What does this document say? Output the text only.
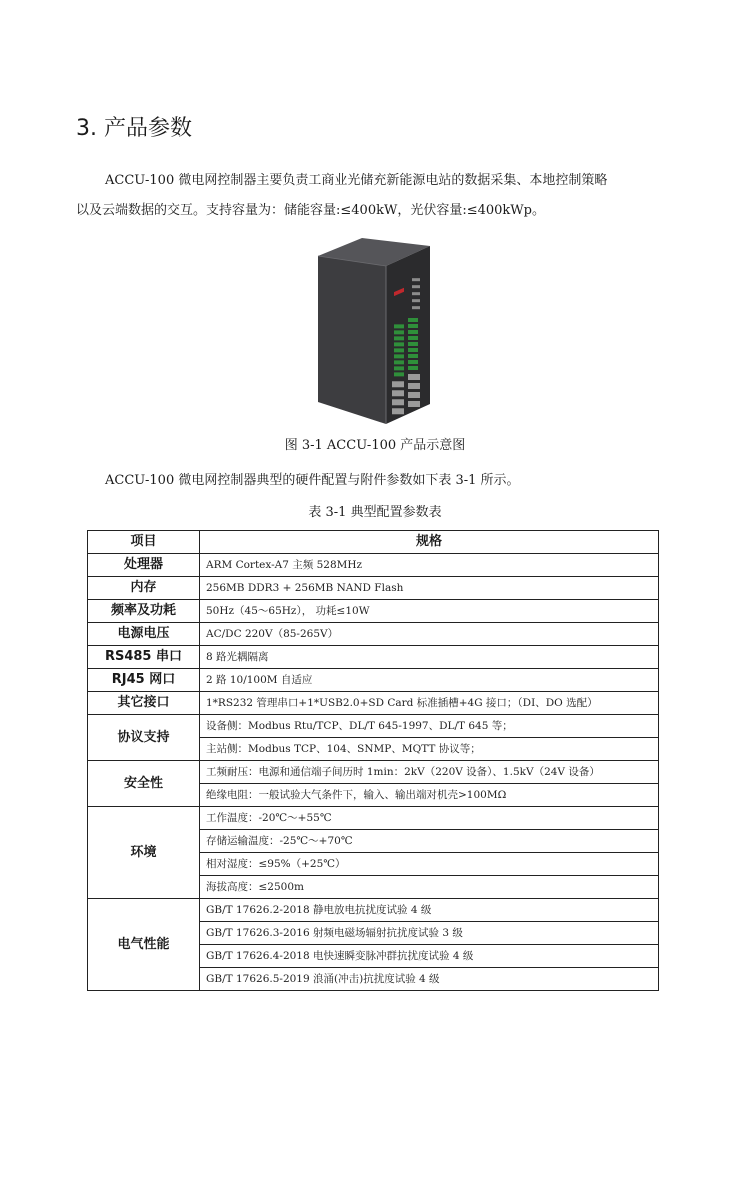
3. 产品参数
ACCU-100 微电网控制器主要负责工商业光储充新能源电站的数据采集、本地控制策略
以及云端数据的交互。支持容量为：储能容量:≤400kW，光伏容量:≤400kWp。
图 3-1 ACCU-100 产品示意图
ACCU-100 微电网控制器典型的硬件配置与附件参数如下表 3-1 所示。
表 3-1 典型配置参数表
项目	规格
处理器	ARM Cortex-A7 主频 528MHz
内存	256MB DDR3 + 256MB NAND Flash
频率及功耗	50Hz（45～65Hz）， 功耗≤10W
电源电压	AC/DC 220V（85-265V）
RS485 串口	8 路光耦隔离
RJ45 网口	2 路 10/100M 自适应
其它接口	1*RS232 管理串口+1*USB2.0+SD Card 标准插槽+4G 接口；（DI、DO 选配）
协议支持	设备侧：Modbus Rtu/TCP、DL/T 645-1997、DL/T 645 等；
	主站侧：Modbus TCP、104、SNMP、MQTT 协议等；
安全性	工频耐压：电源和通信端子间历时 1min：2kV（220V 设备）、1.5kV（24V 设备）
	绝缘电阻：一般试验大气条件下，输入、输出端对机壳>100MΩ
环境	工作温度：-20℃～+55℃
	存储运输温度：-25℃～+70℃
	相对湿度：≤95%（+25℃）
	海拔高度：≤2500m
电气性能	GB/T 17626.2-2018 静电放电抗扰度试验 4 级
	GB/T 17626.3-2016 射频电磁场辐射抗扰度试验 3 级
	GB/T 17626.4-2018 电快速瞬变脉冲群抗扰度试验 4 级
	GB/T 17626.5-2019 浪涌(冲击)抗扰度试验 4 级
